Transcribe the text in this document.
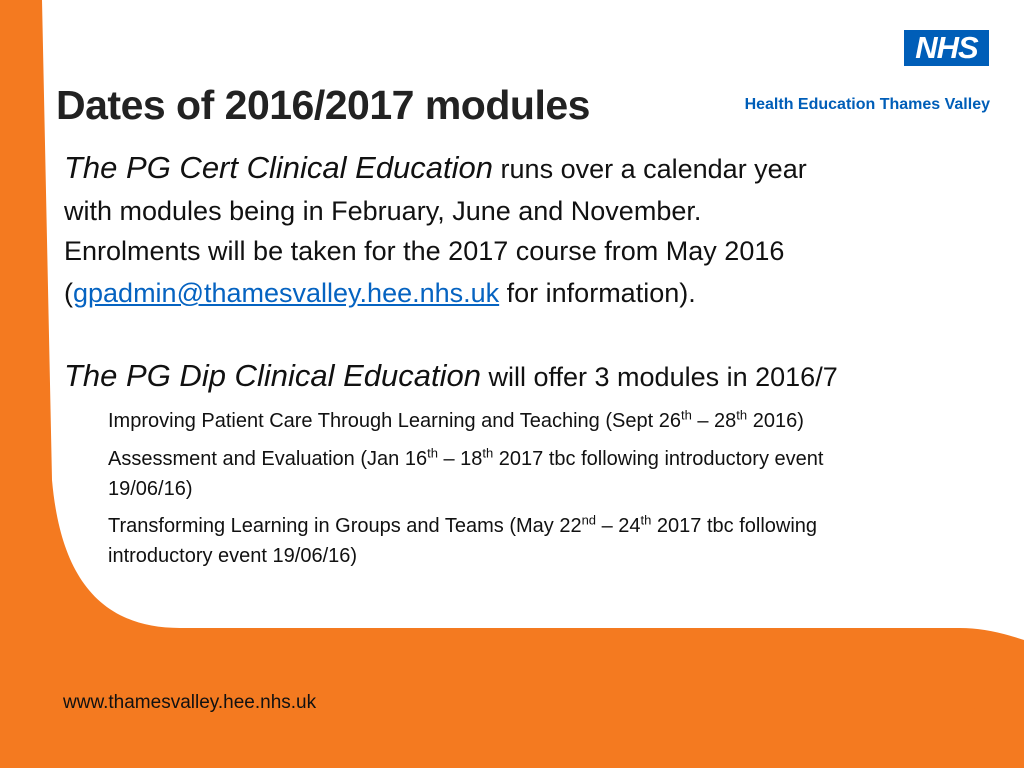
NHS
Health Education Thames Valley
Dates of 2016/2017 modules
The PG Cert Clinical Education runs over a calendar year
with modules being in February, June and November.
Enrolments will be taken for the 2017 course from May 2016
(gpadmin@thamesvalley.hee.nhs.uk for information).
The PG Dip Clinical Education will offer 3 modules in 2016/7
Improving Patient Care Through Learning and Teaching (Sept 26th – 28th 2016)
Assessment and Evaluation (Jan 16th – 18th 2017 tbc following introductory event
19/06/16)
Transforming Learning in Groups and Teams (May 22nd – 24th 2017 tbc following
introductory event 19/06/16)
www.thamesvalley.hee.nhs.uk
